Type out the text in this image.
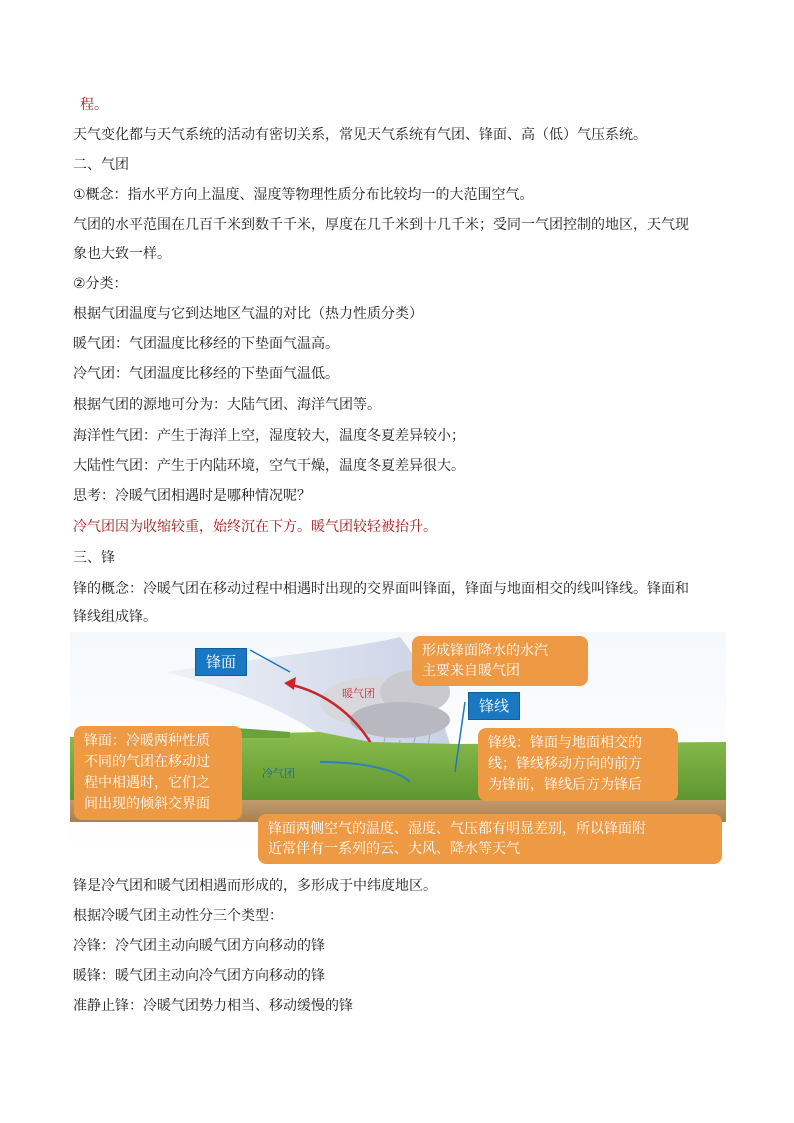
程。
天气变化都与天气系统的活动有密切关系，常见天气系统有气团、锋面、高（低）气压系统。
二、气团
①概念：指水平方向上温度、湿度等物理性质分布比较均一的大范围空气。
气团的水平范围在几百千米到数千千米，厚度在几千米到十几千米；受同一气团控制的地区，天气现
象也大致一样。
②分类：
根据气团温度与它到达地区气温的对比（热力性质分类）
暖气团：气团温度比移经的下垫面气温高。
冷气团：气团温度比移经的下垫面气温低。
根据气团的源地可分为：大陆气团、海洋气团等。
海洋性气团：产生于海洋上空，湿度较大，温度冬夏差异较小；
大陆性气团：产生于内陆环境，空气干燥，温度冬夏差异很大。
思考：冷暖气团相遇时是哪种情况呢？
冷气团因为收缩较重，始终沉在下方。暖气团较轻被抬升。
三、锋
锋的概念：冷暖气团在移动过程中相遇时出现的交界面叫锋面，锋面与地面相交的线叫锋线。锋面和
锋线组成锋。
锋面
锋线
暖气团
冷气团
形成锋面降水的水汽
主要来自暖气团
锋面：冷暖两种性质
不同的气团在移动过
程中相遇时，它们之
间出现的倾斜交界面
锋线：锋面与地面相交的
线；锋线移动方向的前方
为锋前，锋线后方为锋后
锋面两侧空气的温度、湿度、气压都有明显差别，所以锋面附
近常伴有一系列的云、大风、降水等天气
锋是冷气团和暖气团相遇而形成的，多形成于中纬度地区。
根据冷暖气团主动性分三个类型：
冷锋：冷气团主动向暖气团方向移动的锋
暖锋：暖气团主动向冷气团方向移动的锋
准静止锋：冷暖气团势力相当、移动缓慢的锋
